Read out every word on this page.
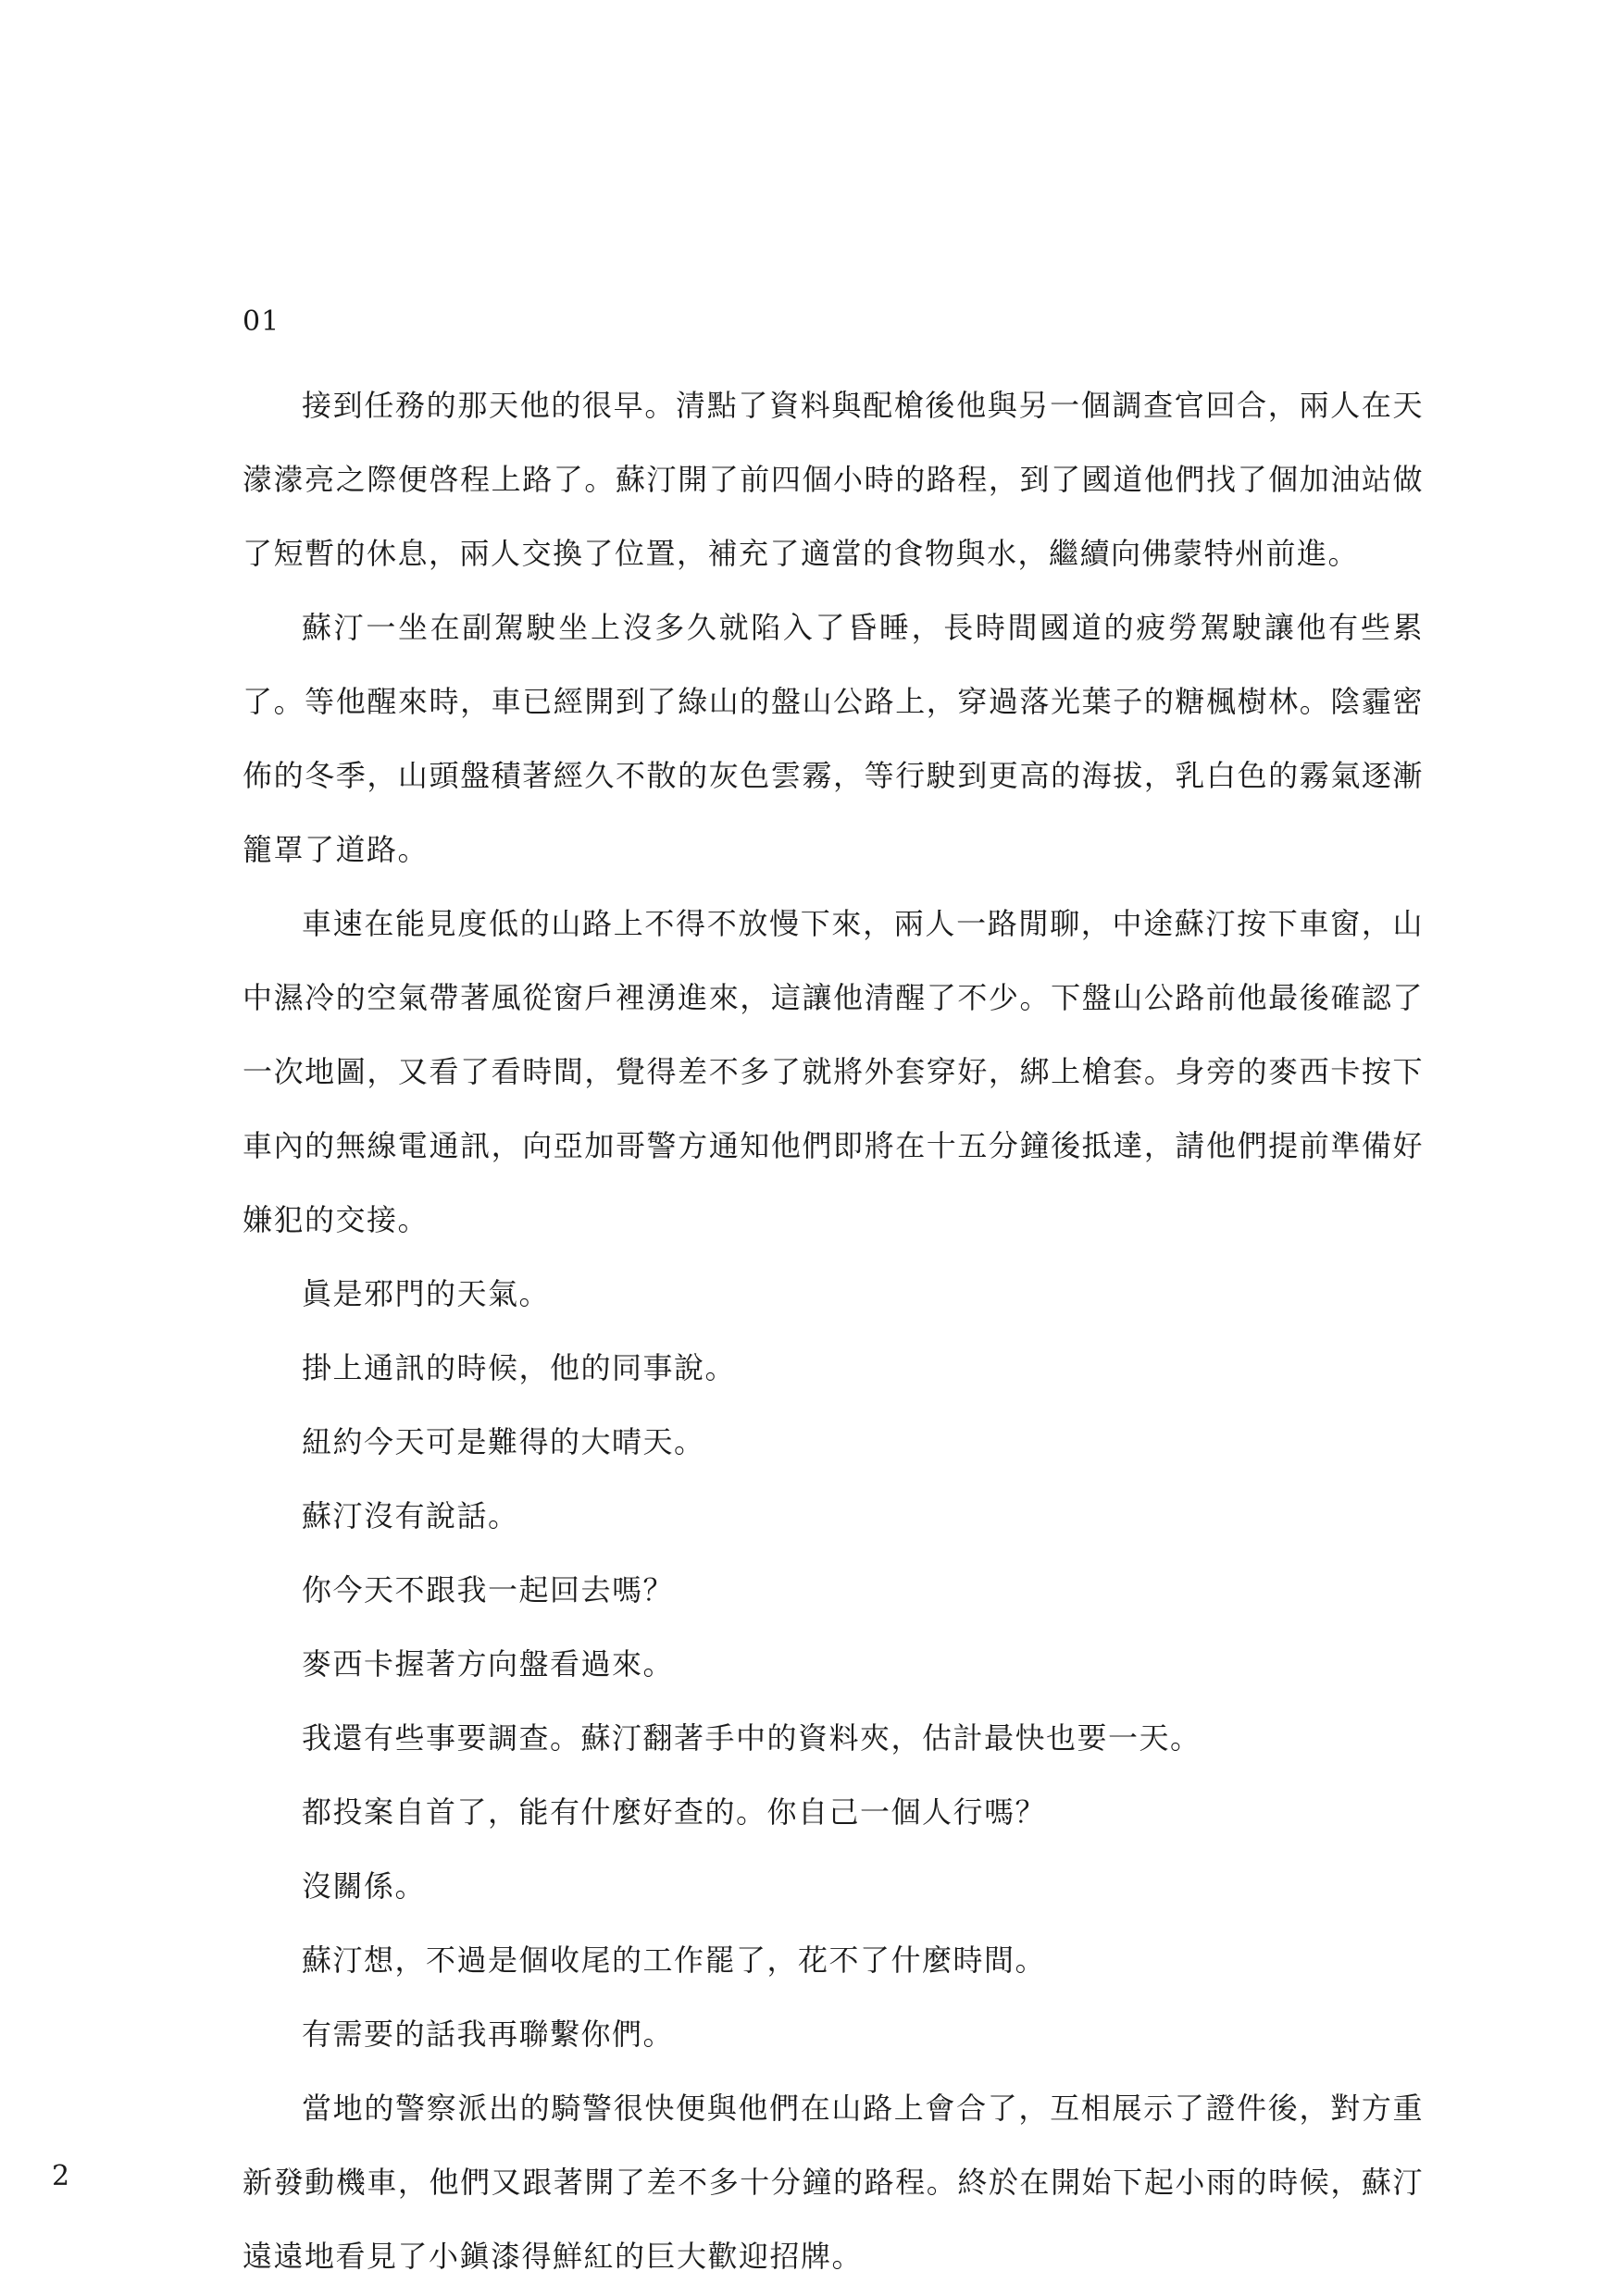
01

接到任務的那天他的很早。清點了資料與配槍後他與另一個調查官回合，兩人在天濛濛亮之際便啓程上路了。蘇汀開了前四個小時的路程，到了國道他們找了個加油站做了短暫的休息，兩人交換了位置，補充了適當的食物與水，繼續向佛蒙特州前進。

蘇汀一坐在副駕駛坐上沒多久就陷入了昏睡，長時間國道的疲勞駕駛讓他有些累了。等他醒來時，車已經開到了綠山的盤山公路上，穿過落光葉子的糖楓樹林。陰霾密佈的冬季，山頭盤積著經久不散的灰色雲霧，等行駛到更高的海拔，乳白色的霧氣逐漸籠罩了道路。

車速在能見度低的山路上不得不放慢下來，兩人一路閒聊，中途蘇汀按下車窗，山中濕冷的空氣帶著風從窗戶裡湧進來，這讓他清醒了不少。下盤山公路前他最後確認了一次地圖，又看了看時間，覺得差不多了就將外套穿好，綁上槍套。身旁的麥西卡按下車內的無線電通訊，向亞加哥警方通知他們即將在十五分鐘後抵達，請他們提前準備好嫌犯的交接。

眞是邪門的天氣。

掛上通訊的時候，他的同事說。

紐約今天可是難得的大晴天。

蘇汀沒有說話。

你今天不跟我一起回去嗎？

麥西卡握著方向盤看過來。

我還有些事要調查。蘇汀翻著手中的資料夾，估計最快也要一天。

都投案自首了，能有什麼好查的。你自己一個人行嗎？

沒關係。

蘇汀想，不過是個收尾的工作罷了，花不了什麼時間。

有需要的話我再聯繫你們。

當地的警察派出的騎警很快便與他們在山路上會合了，互相展示了證件後，對方重新發動機車，他們又跟著開了差不多十分鐘的路程。終於在開始下起小雨的時候，蘇汀遠遠地看見了小鎭漆得鮮紅的巨大歡迎招牌。

2
